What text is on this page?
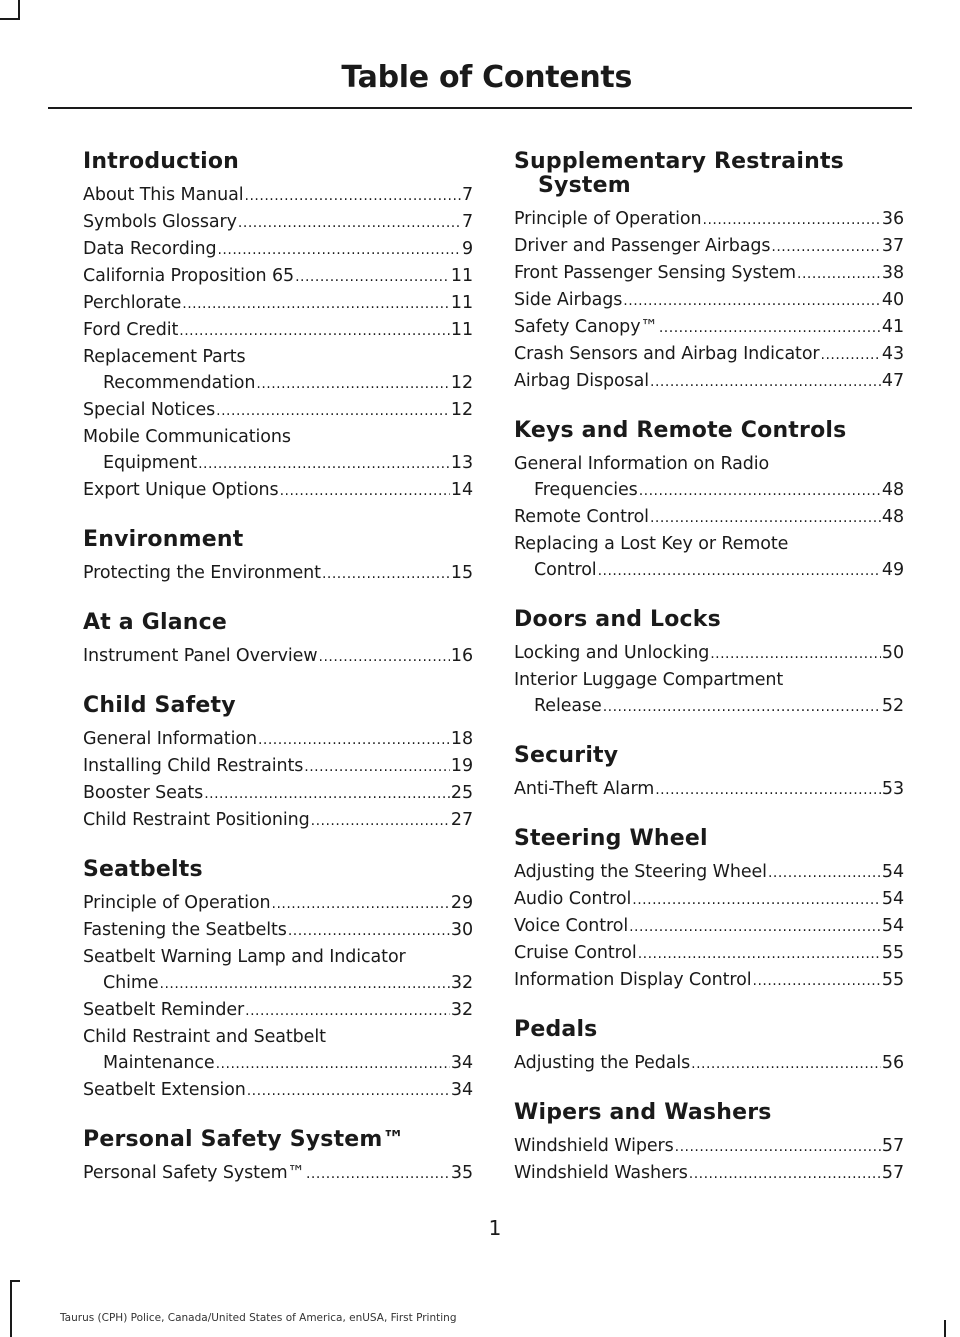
Table of Contents
Introduction
About This Manual .....	7
Symbols Glossary .....	7
Data Recording .....	9
California Proposition 65 .....	11
Perchlorate .....	11
Ford Credit .....	11
Replacement Parts
Recommendation .....	12
Special Notices .....	12
Mobile Communications
Equipment .....	13
Export Unique Options .....	14
Environment
Protecting the Environment .....	15
At a Glance
Instrument Panel Overview .....	16
Child Safety
General Information .....	18
Installing Child Restraints .....	19
Booster Seats .....	25
Child Restraint Positioning .....	27
Seatbelts
Principle of Operation .....	29
Fastening the Seatbelts .....	30
Seatbelt Warning Lamp and Indicator
Chime .....	32
Seatbelt Reminder .....	32
Child Restraint and Seatbelt
Maintenance .....	34
Seatbelt Extension .....	34
Personal Safety System™
Personal Safety System™ .....	35
Supplementary Restraints
System
Principle of Operation .....	36
Driver and Passenger Airbags .....	37
Front Passenger Sensing System .....	38
Side Airbags .....	40
Safety Canopy™ .....	41
Crash Sensors and Airbag Indicator .....	43
Airbag Disposal .....	47
Keys and Remote Controls
General Information on Radio
Frequencies .....	48
Remote Control .....	48
Replacing a Lost Key or Remote
Control .....	49
Doors and Locks
Locking and Unlocking .....	50
Interior Luggage Compartment
Release .....	52
Security
Anti-Theft Alarm .....	53
Steering Wheel
Adjusting the Steering Wheel .....	54
Audio Control .....	54
Voice Control .....	54
Cruise Control .....	55
Information Display Control .....	55
Pedals
Adjusting the Pedals .....	56
Wipers and Washers
Windshield Wipers .....	57
Windshield Washers .....	57
1
Taurus (CPH) Police, Canada/United States of America, enUSA, First Printing
